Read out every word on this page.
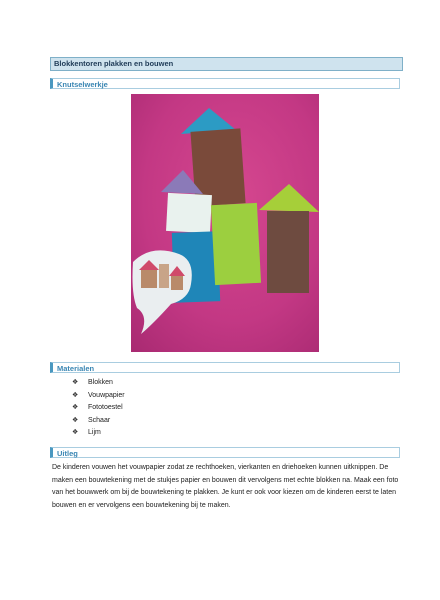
Blokkentoren plakken en bouwen
Knutselwerkje
Materialen
❖	Blokken
❖	Vouwpapier
❖	Fototoestel
❖	Schaar
❖	Lijm
Uitleg

De kinderen vouwen het vouwpapier zodat ze rechthoeken, vierkanten en driehoeken kunnen uitknippen. De maken een bouwtekening met de stukjes papier en bouwen dit vervolgens met echte blokken na. Maak een foto van het bouwwerk om bij de bouwtekening te plakken. Je kunt er ook voor kiezen om de kinderen eerst te laten bouwen en er vervolgens een bouwtekening bij te maken.
